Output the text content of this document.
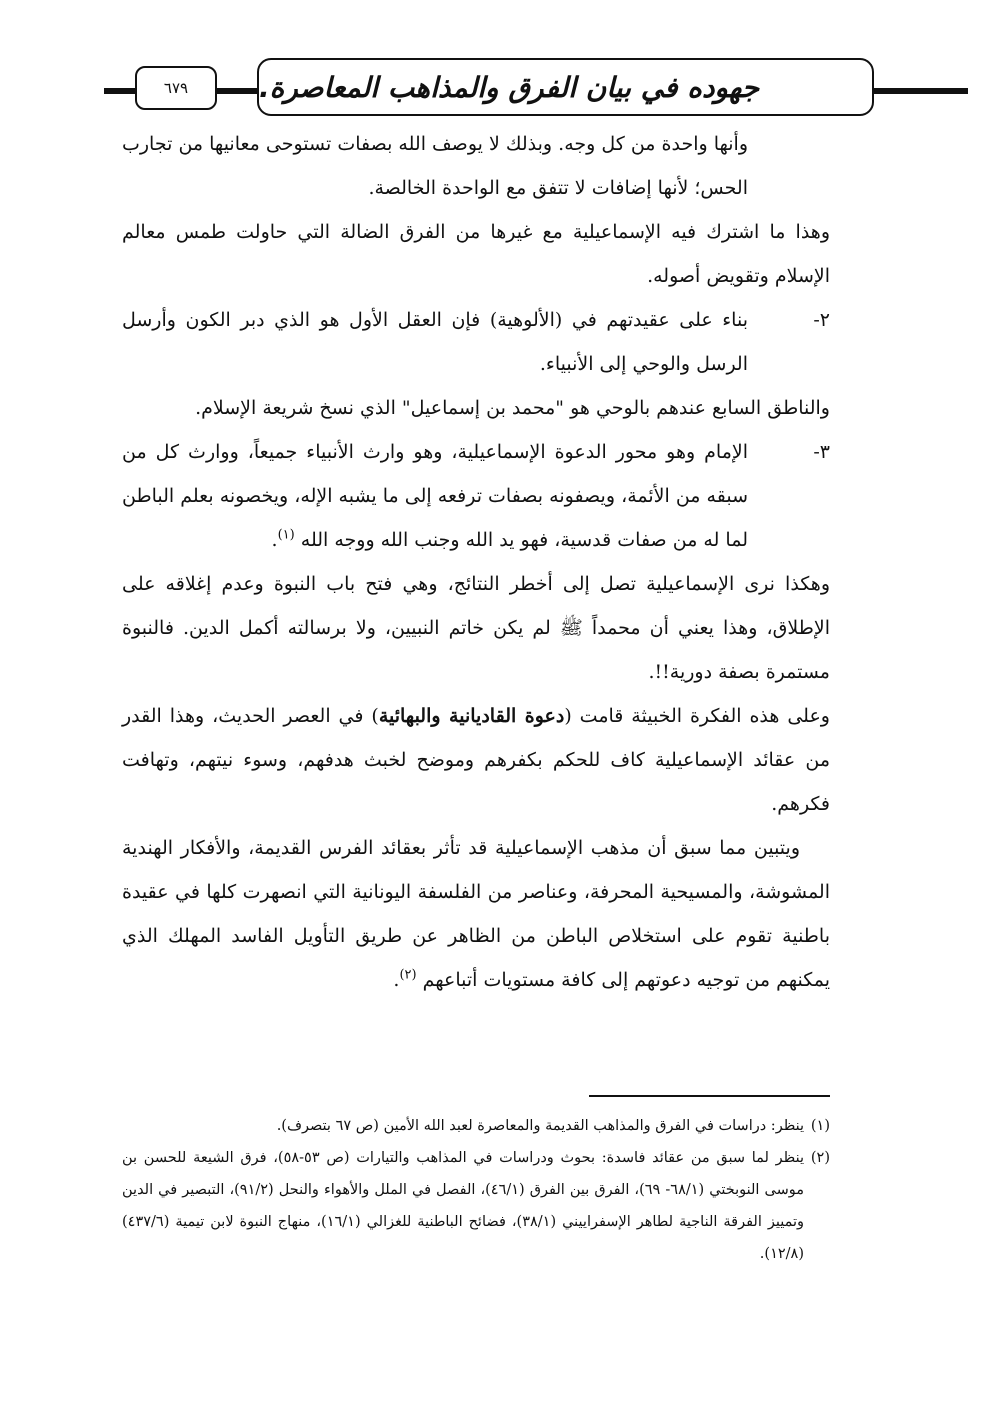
٦٧٩	جهوده في بيان الفرق والمذاهب المعاصرة.

وأنها واحدة من كل وجه. وبذلك لا يوصف الله بصفات تستوحى معانيها من تجارب الحس؛ لأنها إضافات لا تتفق مع الواحدة الخالصة.

وهذا ما اشترك فيه الإسماعيلية مع غيرها من الفرق الضالة التي حاولت طمس معالم الإسلام وتقويض أصوله.

٢-
بناء على عقيدتهم في (الألوهية) فإن العقل الأول هو الذي دبر الكون وأرسل الرسل والوحي إلى الأنبياء.

والناطق السابع عندهم بالوحي هو "محمد بن إسماعيل" الذي نسخ شريعة الإسلام.

٣-
الإمام وهو محور الدعوة الإسماعيلية، وهو وارث الأنبياء جميعاً، ووارث كل من سبقه من الأئمة، ويصفونه بصفات ترفعه إلى ما يشبه الإله، ويخصونه بعلم الباطن لما له من صفات قدسية، فهو يد الله وجنب الله ووجه الله $^{(١)}$.

وهكذا نرى الإسماعيلية تصل إلى أخطر النتائج، وهي فتح باب النبوة وعدم إغلاقه على الإطلاق، وهذا يعني أن محمداً ﷺ لم يكن خاتم النبيين، ولا برسالته أكمل الدين. فالنبوة مستمرة بصفة دورية!!.

وعلى هذه الفكرة الخبيثة قامت (دعوة القاديانية والبهائية) في العصر الحديث، وهذا القدر من عقائد الإسماعيلية كاف للحكم بكفرهم وموضح لخبث هدفهم، وسوء نيتهم، وتهافت فكرهم.

ويتبين مما سبق أن مذهب الإسماعيلية قد تأثر بعقائد الفرس القديمة، والأفكار الهندية المشوشة، والمسيحية المحرفة، وعناصر من الفلسفة اليونانية التي انصهرت كلها في عقيدة باطنية تقوم على استخلاص الباطن من الظاهر عن طريق التأويل الفاسد المهلك الذي يمكنهم من توجيه دعوتهم إلى كافة مستويات أتباعهم $^{(٢)}$.

(١)
ينظر: دراسات في الفرق والمذاهب القديمة والمعاصرة لعبد الله الأمين (ص ٦٧ بتصرف).

(٢)
ينظر لما سبق من عقائد فاسدة: بحوث ودراسات في المذاهب والتيارات (ص ٥٣-٥٨)، فرق الشيعة للحسن بن موسى النوبختي (٦٨/١- ٦٩)، الفرق بين الفرق (٤٦/١)، الفصل في الملل والأهواء والنحل (٩١/٢)، التبصير في الدين وتمييز الفرقة الناجية لطاهر الإسفراييني (٣٨/١)، فضائح الباطنية للغزالي (١٦/١)، منهاج النبوة لابن تيمية (٤٣٧/٦)(١٢/٨).
